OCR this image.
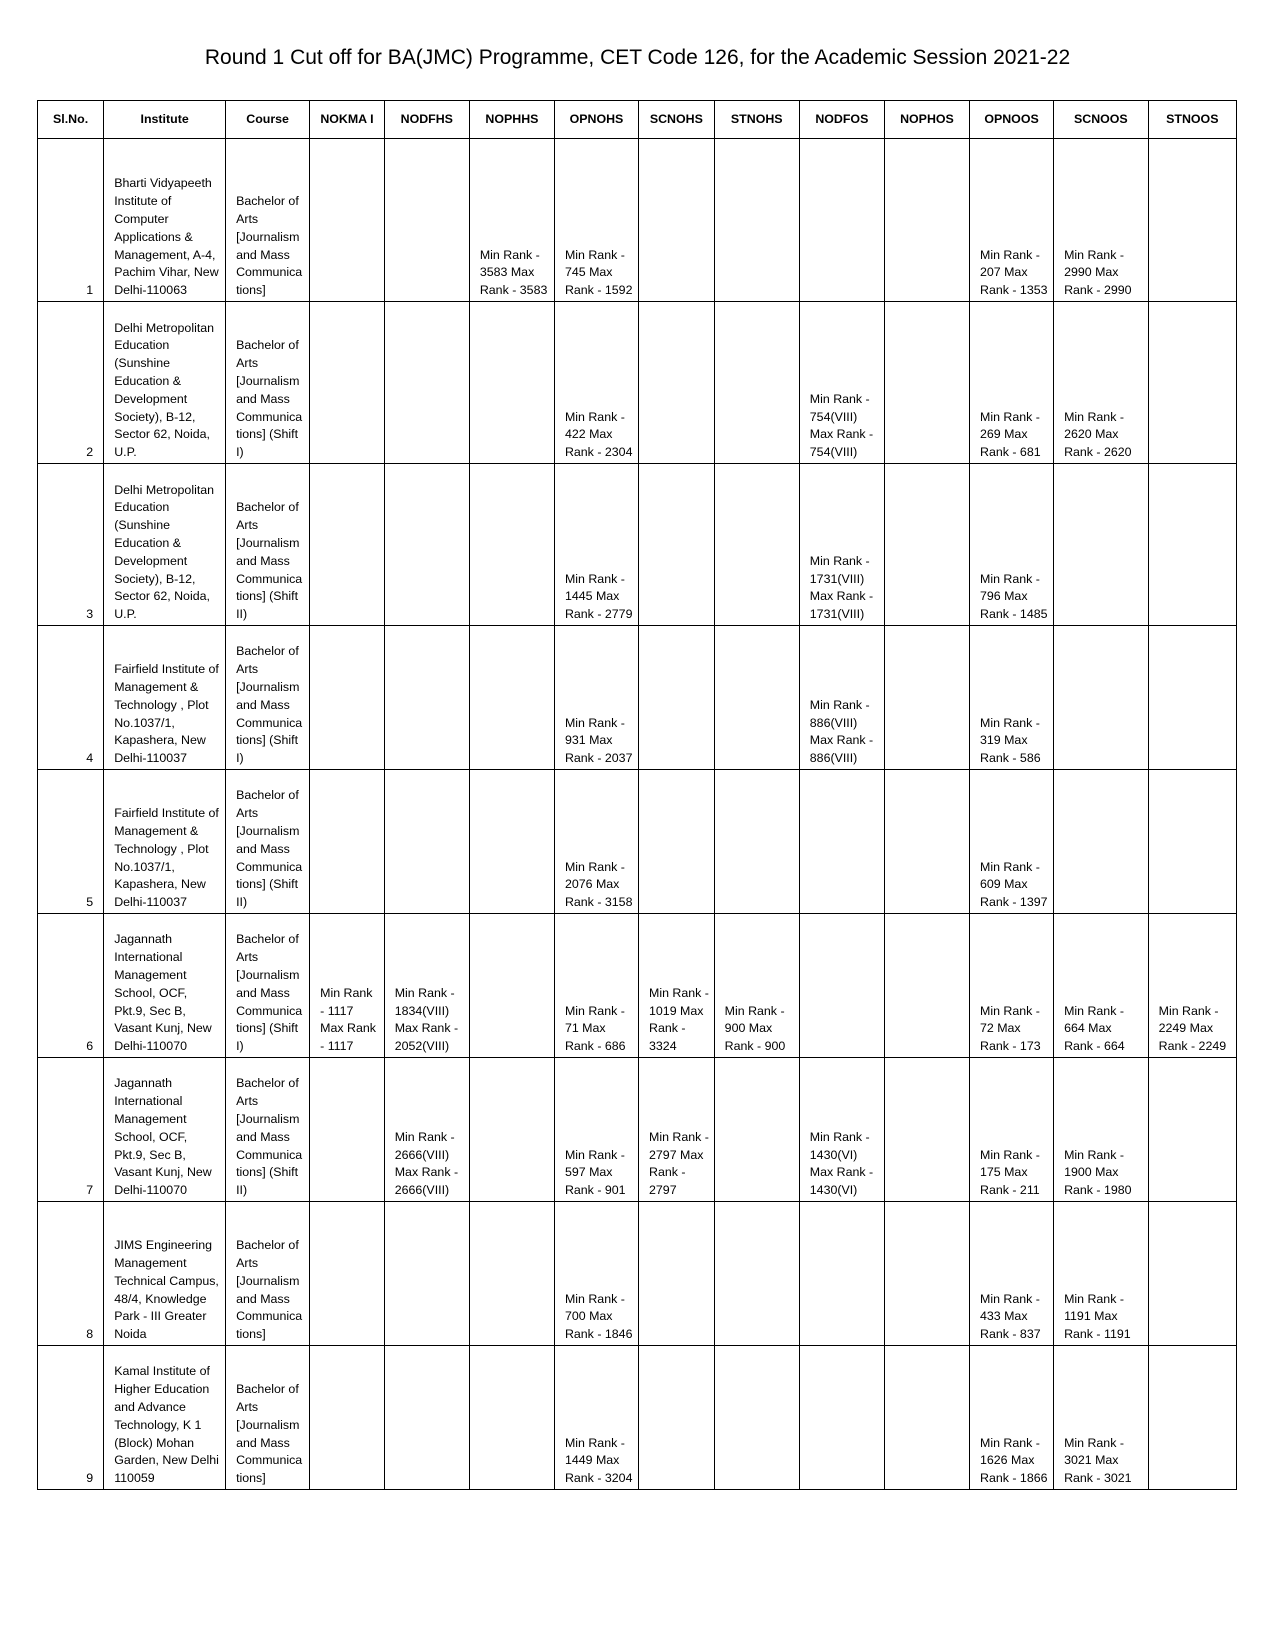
Round 1 Cut off for BA(JMC) Programme, CET Code 126, for the Academic Session 2021-22
Sl.No.	Institute	Course	NOKMA I	NODFHS	NOPHHS	OPNOHS	SCNOHS	STNOHS	NODFOS	NOPHOS	OPNOOS	SCNOOS	STNOOS
1	Bharti Vidyapeeth Institute of Computer Applications & Management, A-4, Pachim Vihar, New Delhi-110063	Bachelor of Arts [Journalism and Mass Communications]			Min Rank - 3583 Max Rank - 3583	Min Rank - 745 Max Rank - 1592					Min Rank - 207 Max Rank - 1353	Min Rank - 2990 Max Rank - 2990	
2	Delhi Metropolitan Education (Sunshine Education & Development Society), B-12, Sector 62, Noida, U.P.	Bachelor of Arts [Journalism and Mass Communications] (Shift I)				Min Rank - 422 Max Rank - 2304			Min Rank - 754(VIII) Max Rank - 754(VIII)		Min Rank - 269 Max Rank - 681	Min Rank - 2620 Max Rank - 2620	
3	Delhi Metropolitan Education (Sunshine Education & Development Society), B-12, Sector 62, Noida, U.P.	Bachelor of Arts [Journalism and Mass Communications] (Shift II)				Min Rank - 1445 Max Rank - 2779			Min Rank - 1731(VIII) Max Rank - 1731(VIII)		Min Rank - 796 Max Rank - 1485		
4	Fairfield Institute of Management & Technology , Plot No.1037/1, Kapashera, New Delhi-110037	Bachelor of Arts [Journalism and Mass Communications] (Shift I)				Min Rank - 931 Max Rank - 2037			Min Rank - 886(VIII) Max Rank - 886(VIII)		Min Rank - 319 Max Rank - 586		
5	Fairfield Institute of Management & Technology , Plot No.1037/1, Kapashera, New Delhi-110037	Bachelor of Arts [Journalism and Mass Communications] (Shift II)				Min Rank - 2076 Max Rank - 3158					Min Rank - 609 Max Rank - 1397		
6	Jagannath International Management School, OCF, Pkt.9, Sec B, Vasant Kunj, New Delhi-110070	Bachelor of Arts [Journalism and Mass Communications] (Shift I)	Min Rank - 1117 Max Rank - 1117	Min Rank - 1834(VIII) Max Rank - 2052(VIII)		Min Rank - 71 Max Rank - 686	Min Rank - 1019 Max Rank - 3324	Min Rank - 900 Max Rank - 900			Min Rank - 72 Max Rank - 173	Min Rank - 664 Max Rank - 664	Min Rank - 2249 Max Rank - 2249
7	Jagannath International Management School, OCF, Pkt.9, Sec B, Vasant Kunj, New Delhi-110070	Bachelor of Arts [Journalism and Mass Communications] (Shift II)		Min Rank - 2666(VIII) Max Rank - 2666(VIII)		Min Rank - 597 Max Rank - 901	Min Rank - 2797 Max Rank - 2797		Min Rank - 1430(VI) Max Rank - 1430(VI)		Min Rank - 175 Max Rank - 211	Min Rank - 1900 Max Rank - 1980	
8	JIMS Engineering Management Technical Campus, 48/4, Knowledge Park - III Greater Noida	Bachelor of Arts [Journalism and Mass Communications]				Min Rank - 700 Max Rank - 1846					Min Rank - 433 Max Rank - 837	Min Rank - 1191 Max Rank - 1191	
9	Kamal Institute of Higher Education and Advance Technology, K 1 (Block) Mohan Garden, New Delhi 110059	Bachelor of Arts [Journalism and Mass Communications]				Min Rank - 1449 Max Rank - 3204					Min Rank - 1626 Max Rank - 1866	Min Rank - 3021 Max Rank - 3021	
